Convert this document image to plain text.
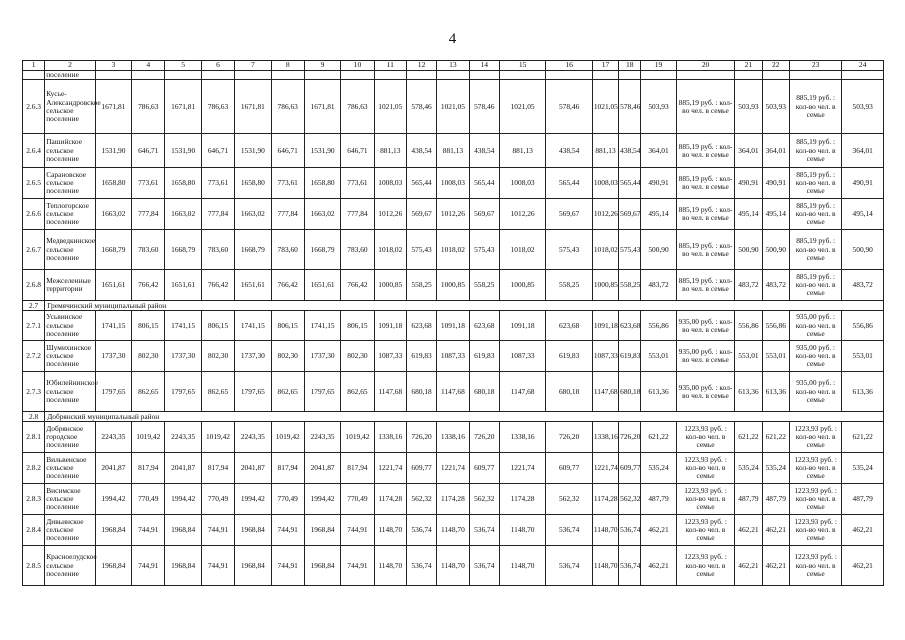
4
1	2	3	4	5	6	7	8	9	10	11	12	13	14	15	16	17	18	19	20	21	22	23	24
	поселение																						
2.6.3	Кусье-Александровское сельское поселение	1671,81	786,63	1671,81	786,63	1671,81	786,63	1671,81	786,63	1021,05	578,46	1021,05	578,46	1021,05	578,46	1021,05	578,46	503,93	885,19 руб. : кол-во чел. в семье	503,93	503,93	885,19 руб. : кол-во чел. в семье	503,93
2.6.4	Пашийское сельское поселение	1531,90	646,71	1531,90	646,71	1531,90	646,71	1531,90	646,71	881,13	438,54	881,13	438,54	881,13	438,54	881,13	438,54	364,01	885,19 руб. : кол-во чел. в семье	364,01	364,01	885,19 руб. : кол-во чел. в семье	364,01
2.6.5	Сарановское сельское поселение	1658,80	773,61	1658,80	773,61	1658,80	773,61	1658,80	773,61	1008,03	565,44	1008,03	565,44	1008,03	565,44	1008,03	565,44	490,91	885,19 руб. : кол-во чел. в семье	490,91	490,91	885,19 руб. : кол-во чел. в семье	490,91
2.6.6	Теплогорское сельское поселение	1663,02	777,84	1663,02	777,84	1663,02	777,84	1663,02	777,84	1012,26	569,67	1012,26	569,67	1012,26	569,67	1012,26	569,67	495,14	885,19 руб. : кол-во чел. в семье	495,14	495,14	885,19 руб. : кол-во чел. в семье	495,14
2.6.7	Медведкинское сельское поселение	1668,79	783,60	1668,79	783,60	1668,79	783,60	1668,79	783,60	1018,02	575,43	1018,02	575,43	1018,02	575,43	1018,02	575,43	500,90	885,19 руб. : кол-во чел. в семье	500,90	500,90	885,19 руб. : кол-во чел. в семье	500,90
2.6.8	Межселенные территории	1651,61	766,42	1651,61	766,42	1651,61	766,42	1651,61	766,42	1000,85	558,25	1000,85	558,25	1000,85	558,25	1000,85	558,25	483,72	885,19 руб. : кол-во чел. в семье	483,72	483,72	885,19 руб. : кол-во чел. в семье	483,72
2.7	Гремячинский муниципальный район																						
2.7.1	Усьвинское сельское поселение	1741,15	806,15	1741,15	806,15	1741,15	806,15	1741,15	806,15	1091,18	623,68	1091,18	623,68	1091,18	623,68	1091,18	623,68	556,86	935,00 руб. : кол-во чел. в семье	556,86	556,86	935,00 руб. : кол-во чел. в семье	556,86
2.7.2	Шумихинское сельское поселение	1737,30	802,30	1737,30	802,30	1737,30	802,30	1737,30	802,30	1087,33	619,83	1087,33	619,83	1087,33	619,83	1087,33	619,83	553,01	935,00 руб. : кол-во чел. в семье	553,01	553,01	935,00 руб. : кол-во чел. в семье	553,01
2.7.3	Юбилейнинское сельское поселение	1797,65	862,65	1797,65	862,65	1797,65	862,65	1797,65	862,65	1147,68	680,18	1147,68	680,18	1147,68	680,18	1147,68	680,18	613,36	935,00 руб. : кол-во чел. в семье	613,36	613,36	935,00 руб. : кол-во чел. в семье	613,36
2.8	Добрянский муниципальный район																						
2.8.1	Добрянское городское поселение	2243,35	1019,42	2243,35	1019,42	2243,35	1019,42	2243,35	1019,42	1338,16	726,20	1338,16	726,20	1338,16	726,20	1338,16	726,20	621,22	1223,93 руб. : кол-во чел. в семье	621,22	621,22	1223,93 руб. : кол-во чел. в семье	621,22
2.8.2	Вильвенское сельское поселение	2041,87	817,94	2041,87	817,94	2041,87	817,94	2041,87	817,94	1221,74	609,77	1221,74	609,77	1221,74	609,77	1221,74	609,77	535,24	1223,93 руб. : кол-во чел. в семье	535,24	535,24	1223,93 руб. : кол-во чел. в семье	535,24
2.8.3	Висимское сельское поселение	1994,42	770,49	1994,42	770,49	1994,42	770,49	1994,42	770,49	1174,28	562,32	1174,28	562,32	1174,28	562,32	1174,28	562,32	487,79	1223,93 руб. : кол-во чел. в семье	487,79	487,79	1223,93 руб. : кол-во чел. в семье	487,79
2.8.4	Дивьинское сельское поселение	1968,84	744,91	1968,84	744,91	1968,84	744,91	1968,84	744,91	1148,70	536,74	1148,70	536,74	1148,70	536,74	1148,70	536,74	462,21	1223,93 руб. : кол-во чел. в семье	462,21	462,21	1223,93 руб. : кол-во чел. в семье	462,21
2.8.5	Красноелудское сельское поселение	1968,84	744,91	1968,84	744,91	1968,84	744,91	1968,84	744,91	1148,70	536,74	1148,70	536,74	1148,70	536,74	1148,70	536,74	462,21	1223,93 руб. : кол-во чел. в семье	462,21	462,21	1223,93 руб. : кол-во чел. в семье	462,21
